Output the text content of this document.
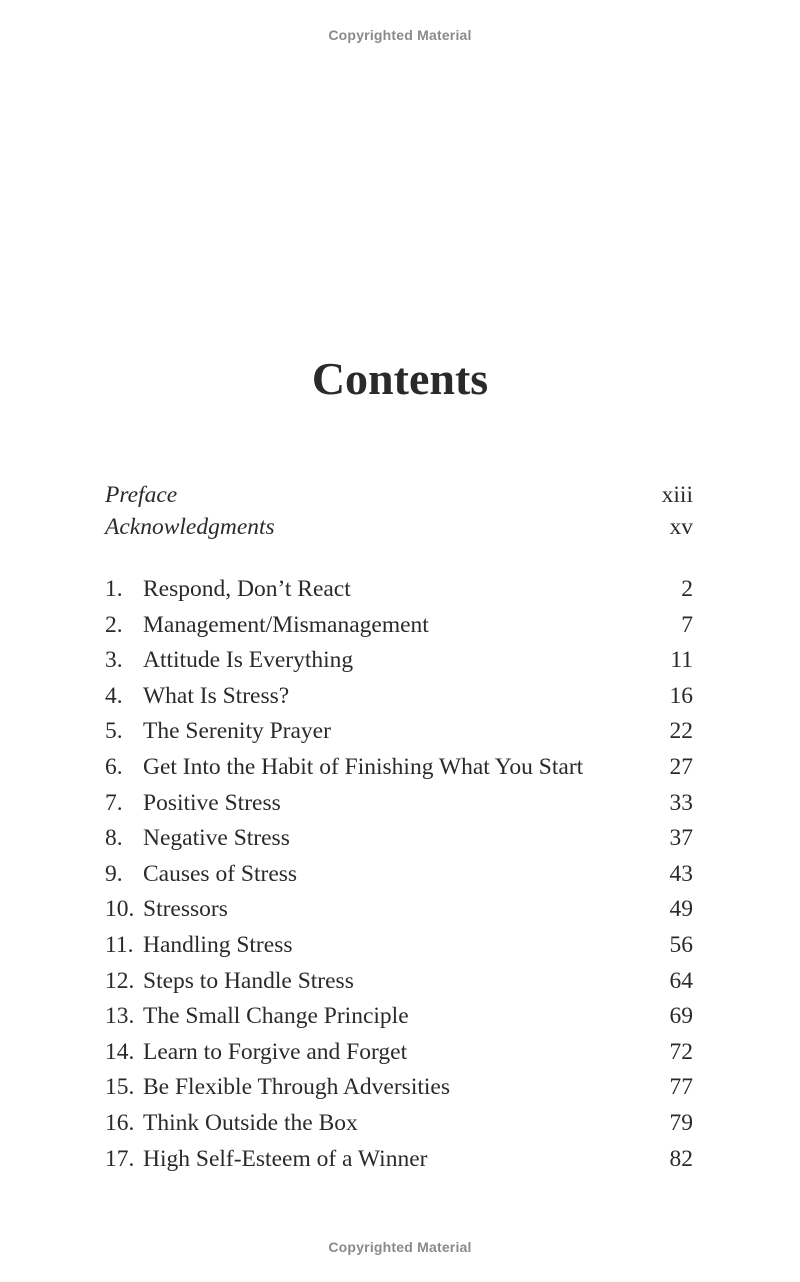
Copyrighted Material
Contents
Preface	xiii
Acknowledgments	xv
1. Respond, Don’t React	2
2. Management/Mismanagement	7
3. Attitude Is Everything	11
4. What Is Stress?	16
5. The Serenity Prayer	22
6. Get Into the Habit of Finishing What You Start	27
7. Positive Stress	33
8. Negative Stress	37
9. Causes of Stress	43
10. Stressors	49
11. Handling Stress	56
12. Steps to Handle Stress	64
13. The Small Change Principle	69
14. Learn to Forgive and Forget	72
15. Be Flexible Through Adversities	77
16. Think Outside the Box	79
17. High Self-Esteem of a Winner	82
Copyrighted Material
